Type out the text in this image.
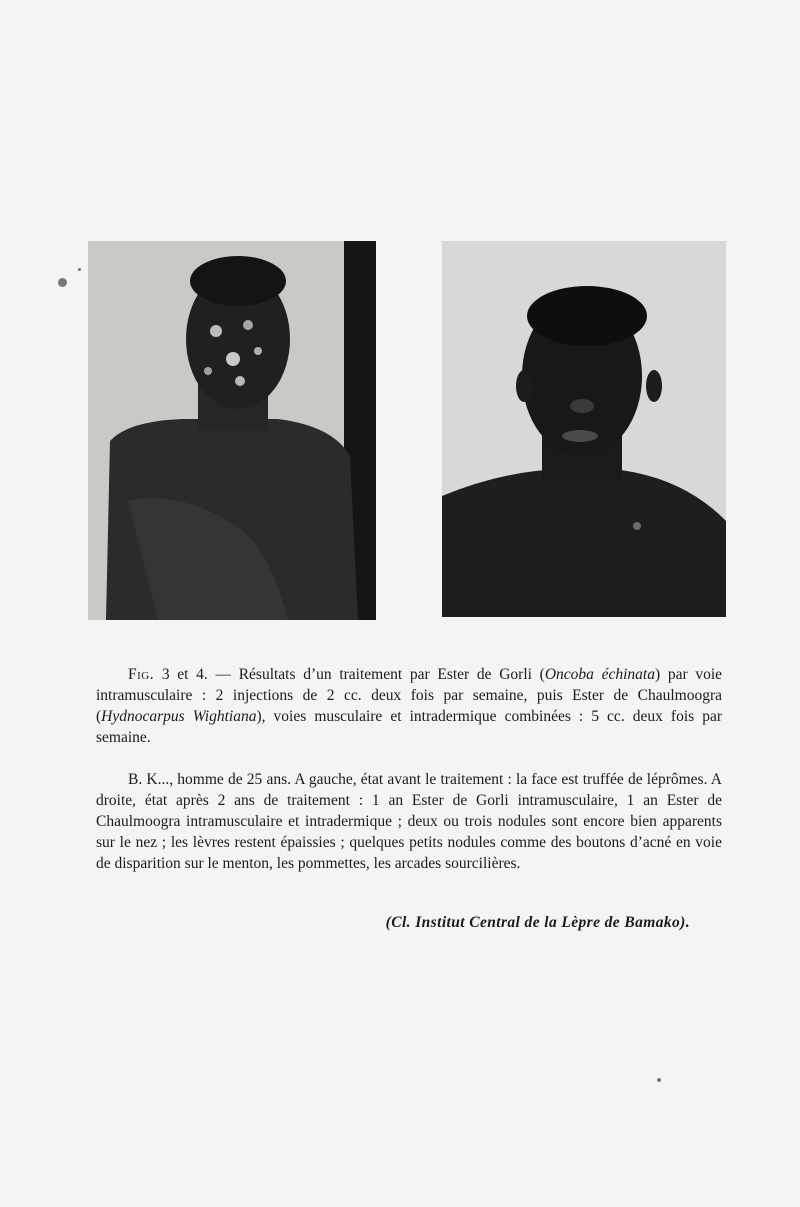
Fig. 3 et 4. — Résultats d’un traitement par Ester de Gorli (Oncoba échinata) par voie intramusculaire : 2 injections de 2 cc. deux fois par semaine, puis Ester de Chaulmoogra (Hydnocarpus Wightiana), voies musculaire et intradermique combinées : 5 cc. deux fois par semaine.
B. K..., homme de 25 ans. A gauche, état avant le traitement : la face est truffée de léprômes. A droite, état après 2 ans de traitement : 1 an Ester de Gorli intramusculaire, 1 an Ester de Chaulmoogra intramusculaire et intradermique ; deux ou trois nodules sont encore bien apparents sur le nez ; les lèvres restent épaissies ; quelques petits nodules comme des boutons d’acné en voie de disparition sur le menton, les pommettes, les arcades sourcilières.
(Cl. Institut Central de la Lèpre de Bamako).
